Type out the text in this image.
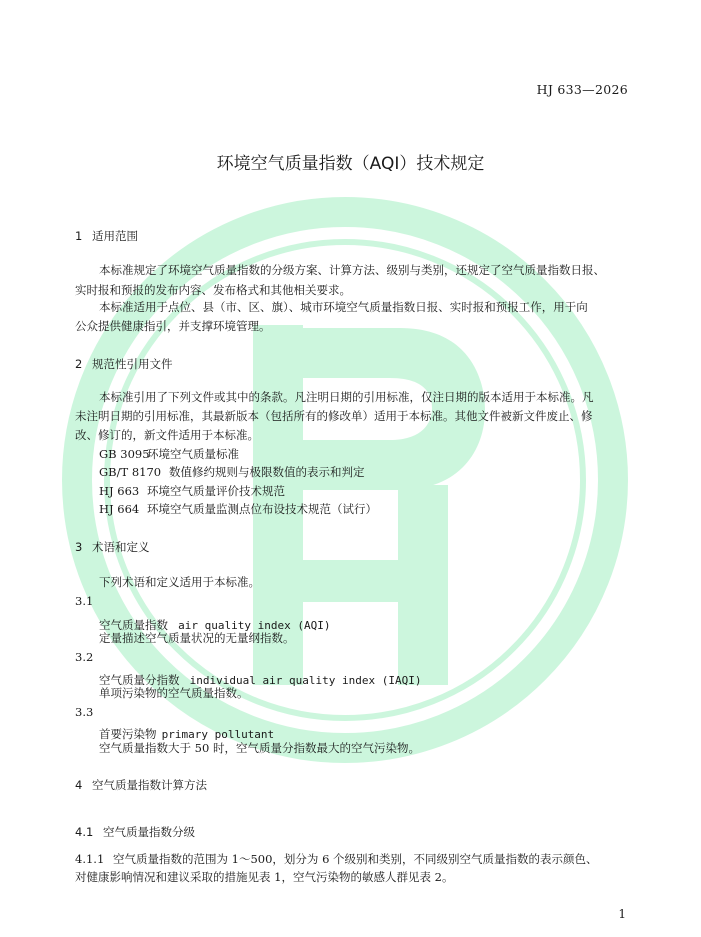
HJ 633—2026
环境空气质量指数（AQI）技术规定
1 适用范围
本标准规定了环境空气质量指数的分级方案、计算方法、级别与类别，还规定了空气质量指数日报、
实时报和预报的发布内容、发布格式和其他相关要求。
本标准适用于点位、县（市、区、旗）、城市环境空气质量指数日报、实时报和预报工作，用于向
公众提供健康指引，并支撑环境管理。
2 规范性引用文件
本标准引用了下列文件或其中的条款。凡注明日期的引用标准，仅注日期的版本适用于本标准。凡
未注明日期的引用标准，其最新版本（包括所有的修改单）适用于本标准。其他文件被新文件废止、修
改、修订的，新文件适用于本标准。
GB 3095环境空气质量标准
GB/T 8170 数值修约规则与极限数值的表示和判定
HJ 663 环境空气质量评价技术规范
HJ 664 环境空气质量监测点位布设技术规范（试行）
3 术语和定义
下列术语和定义适用于本标准。
3.1
空气质量指数 air quality index (AQI)
定量描述空气质量状况的无量纲指数。
3.2
空气质量分指数 individual air quality index (IAQI)
单项污染物的空气质量指数。
3.3
首要污染物 primary pollutant
空气质量指数大于 50 时，空气质量分指数最大的空气污染物。
4 空气质量指数计算方法
4.1 空气质量指数分级
4.1.1 空气质量指数的范围为 1～500，划分为 6 个级别和类别，不同级别空气质量指数的表示颜色、
对健康影响情况和建议采取的措施见表 1，空气污染物的敏感人群见表 2。
1
